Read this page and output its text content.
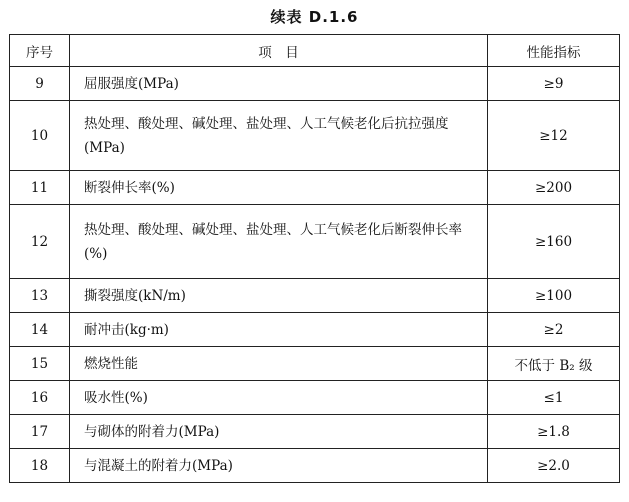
续表 D.1.6
序号	项　目	性能指标
9	屈服强度(MPa)	≥9
10	热处理、酸处理、碱处理、盐处理、人工气候老化后抗拉强度(MPa)	≥12
11	断裂伸长率(%)	≥200
12	热处理、酸处理、碱处理、盐处理、人工气候老化后断裂伸长率(%)	≥160
13	撕裂强度(kN/m)	≥100
14	耐冲击(kg·m)	≥2
15	燃烧性能	不低于 B₂ 级
16	吸水性(%)	≤1
17	与砌体的附着力(MPa)	≥1.8
18	与混凝土的附着力(MPa)	≥2.0
